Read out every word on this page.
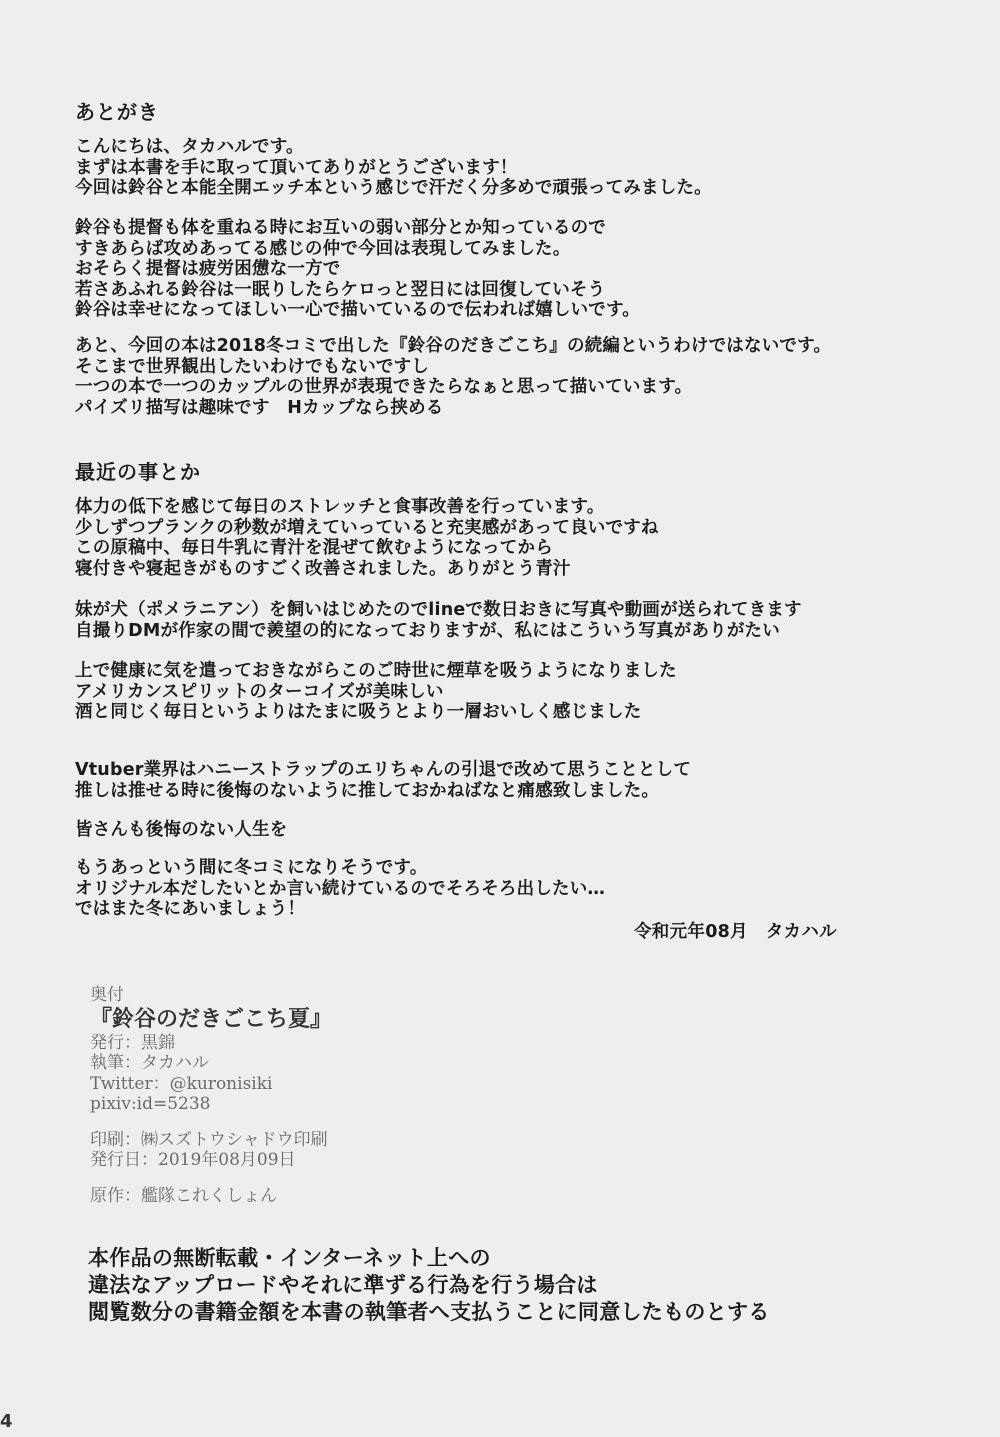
あとがき
こんにちは、タカハルです。
まずは本書を手に取って頂いてありがとうございます！
今回は鈴谷と本能全開エッチ本という感じで汗だく分多めで頑張ってみました。
鈴谷も提督も体を重ねる時にお互いの弱い部分とか知っているので
すきあらば攻めあってる感じの仲で今回は表現してみました。
おそらく提督は疲労困憊な一方で
若さあふれる鈴谷は一眠りしたらケロっと翌日には回復していそう
鈴谷は幸せになってほしい一心で描いているので伝われば嬉しいです。
あと、今回の本は2018冬コミで出した『鈴谷のだきごこち』の続編というわけではないです。
そこまで世界観出したいわけでもないですし
一つの本で一つのカップルの世界が表現できたらなぁと思って描いています。
パイズリ描写は趣味です　Hカップなら挟める
最近の事とか
体力の低下を感じて毎日のストレッチと食事改善を行っています。
少しずつプランクの秒数が増えていっていると充実感があって良いですね
この原稿中、毎日牛乳に青汁を混ぜて飲むようになってから
寝付きや寝起きがものすごく改善されました。ありがとう青汁
妹が犬（ポメラニアン）を飼いはじめたのでlineで数日おきに写真や動画が送られてきます
自撮りDMが作家の間で羨望の的になっておりますが、私にはこういう写真がありがたい
上で健康に気を遣っておきながらこのご時世に煙草を吸うようになりました
アメリカンスピリットのターコイズが美味しい
酒と同じく毎日というよりはたまに吸うとより一層おいしく感じました
Vtuber業界はハニーストラップのエリちゃんの引退で改めて思うこととして
推しは推せる時に後悔のないように推しておかねばなと痛感致しました。
皆さんも後悔のない人生を
もうあっという間に冬コミになりそうです。
オリジナル本だしたいとか言い続けているのでそろそろ出したい…
ではまた冬にあいましょう！
令和元年08月　タカハル
奥付
『鈴谷のだきごこち夏』
発行：黒錦
執筆：タカハル
Twitter：@kuronisiki
pixiv:id=5238
印刷：㈱スズトウシャドウ印刷
発行日：2019年08月09日
原作：艦隊これくしょん
本作品の無断転載・インターネット上への
違法なアップロードやそれに準ずる行為を行う場合は
閲覧数分の書籍金額を本書の執筆者へ支払うことに同意したものとする
4
